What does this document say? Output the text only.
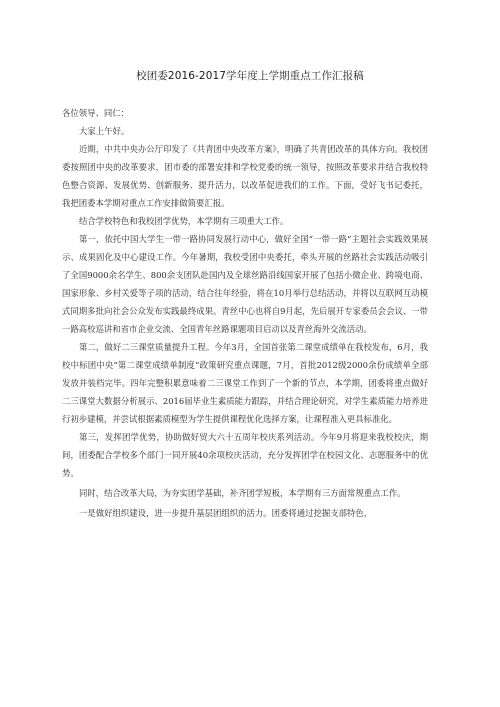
校团委2016-2017学年度上学期重点工作汇报稿

各位领导、同仁：

大家上午好。

近期，中共中央办公厅印发了《共青团中央改革方案》，明确了共青团改革的具体方向。我校团委按照团中央的改革要求，团市委的部署安排和学校党委的统一领导，按照改革要求并结合我校特色整合资源、发展优势、创新服务、提升活力，以改革促进我们的工作。下面，受好飞书记委托，我把团委本学期对重点工作安排做简要汇报。

结合学校特色和我校团学优势，本学期有三项重大工作。

第一，依托中国大学生一带一路协同发展行动中心，做好全国“一带一路”主题社会实践效果展示、成果固化及中心建设工作。今年暑期，我校受团中央委托，牵头开展的丝路社会实践活动吸引了全国9000余名学生、800余支团队赴国内及全球丝路沿线国家开展了包括小微企业、跨境电商、国家形象、乡村关爱等子项的活动，结合往年经验，将在10月举行总结活动，并将以互联网互动模式同期多批向社会公众发布实践最终成果。青丝中心也将自9月起，先后展开专家委员会会议、一带一路高校巡讲和省市企业交流、全国青年丝路课题项目启动以及青丝海外交流活动。

第二，做好二三课堂质量提升工程。今年3月，全国首张第二课堂成绩单在我校发布，6月，我校中标团中央“第二课堂成绩单制度”政策研究重点课题，7月，首批2012级2000余份成绩单全部发放并装档完毕。四年完整积累意味着二三课堂工作到了一个新的节点，本学期，团委将重点做好二三课堂大数据分析展示、2016届毕业生素质能力跟踪，并结合理论研究，对学生素质能力培养进行初步建模，并尝试根据素质模型为学生提供课程优化选择方案，让课程准入更具标准化。

第三，发挥团学优势，协助做好贸大六十五周年校庆系列活动。今年9月将迎来我校校庆，期间，团委配合学校多个部门一同开展40余项校庆活动，充分发挥团学在校园文化、志愿服务中的优势。

同时，结合改革大局，为夯实团学基础，补齐团学短板，本学期有三方面常规重点工作。

一是做好组织建设，进一步提升基层团组织的活力。团委将通过挖掘支部特色，
